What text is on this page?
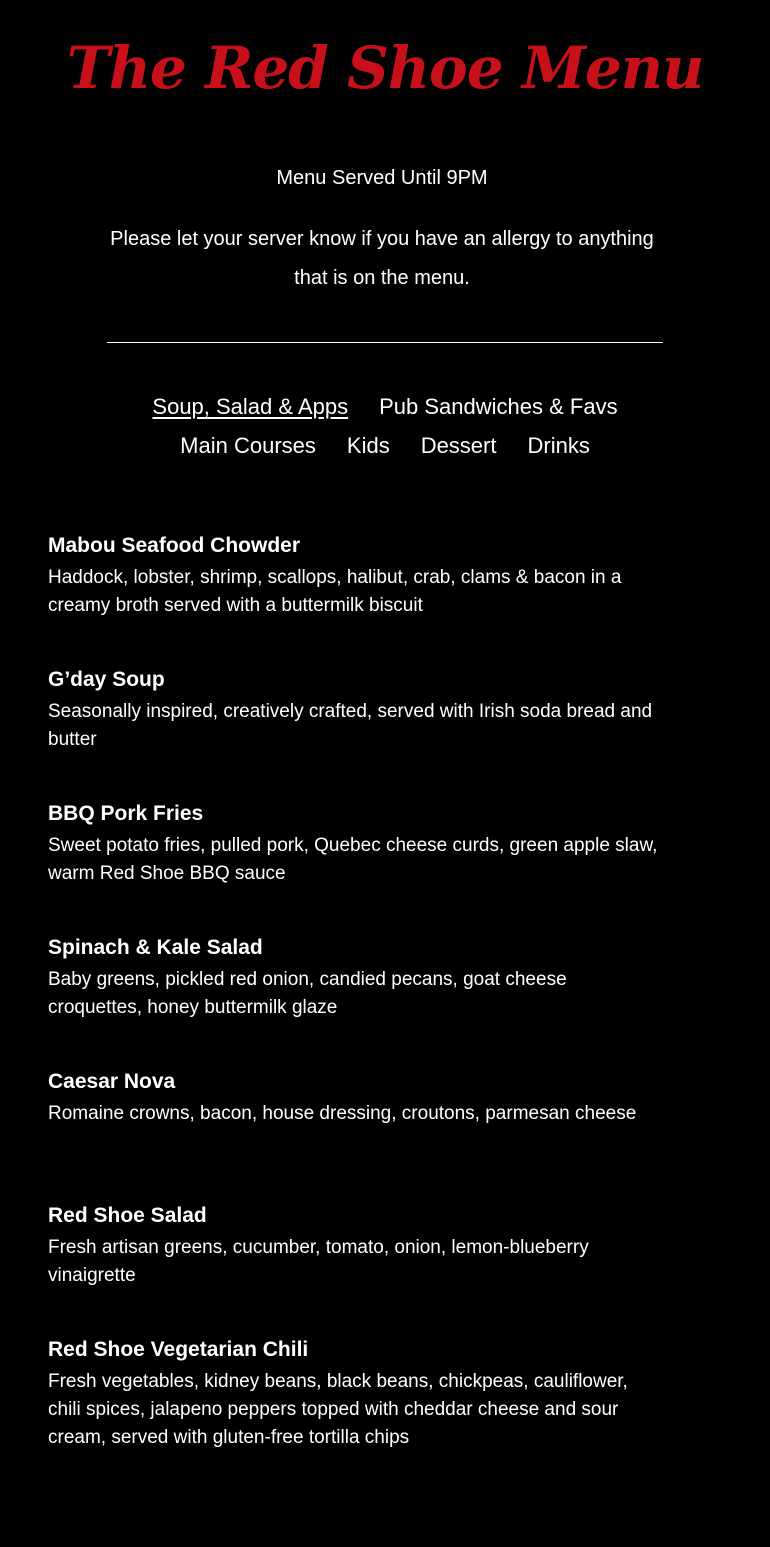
The Red Shoe Menu

Menu Served Until 9PM

Please let your server know if you have an allergy to anything that is on the menu.

Soup, Salad & Apps Pub Sandwiches & Favs
Main Courses Kids Dessert Drinks

Mabou Seafood Chowder

Haddock, lobster, shrimp, scallops, halibut, crab, clams & bacon in a creamy broth served with a buttermilk biscuit

G’day Soup

Seasonally inspired, creatively crafted, served with Irish soda bread and butter

BBQ Pork Fries

Sweet potato fries, pulled pork, Quebec cheese curds, green apple slaw, warm Red Shoe BBQ sauce

Spinach & Kale Salad

Baby greens, pickled red onion, candied pecans, goat cheese croquettes, honey buttermilk glaze

Caesar Nova

Romaine crowns, bacon, house dressing, croutons, parmesan cheese

Red Shoe Salad

Fresh artisan greens, cucumber, tomato, onion, lemon-blueberry vinaigrette

Red Shoe Vegetarian Chili

Fresh vegetables, kidney beans, black beans, chickpeas, cauliflower, chili spices, jalapeno peppers topped with cheddar cheese and sour cream, served with gluten-free tortilla chips
